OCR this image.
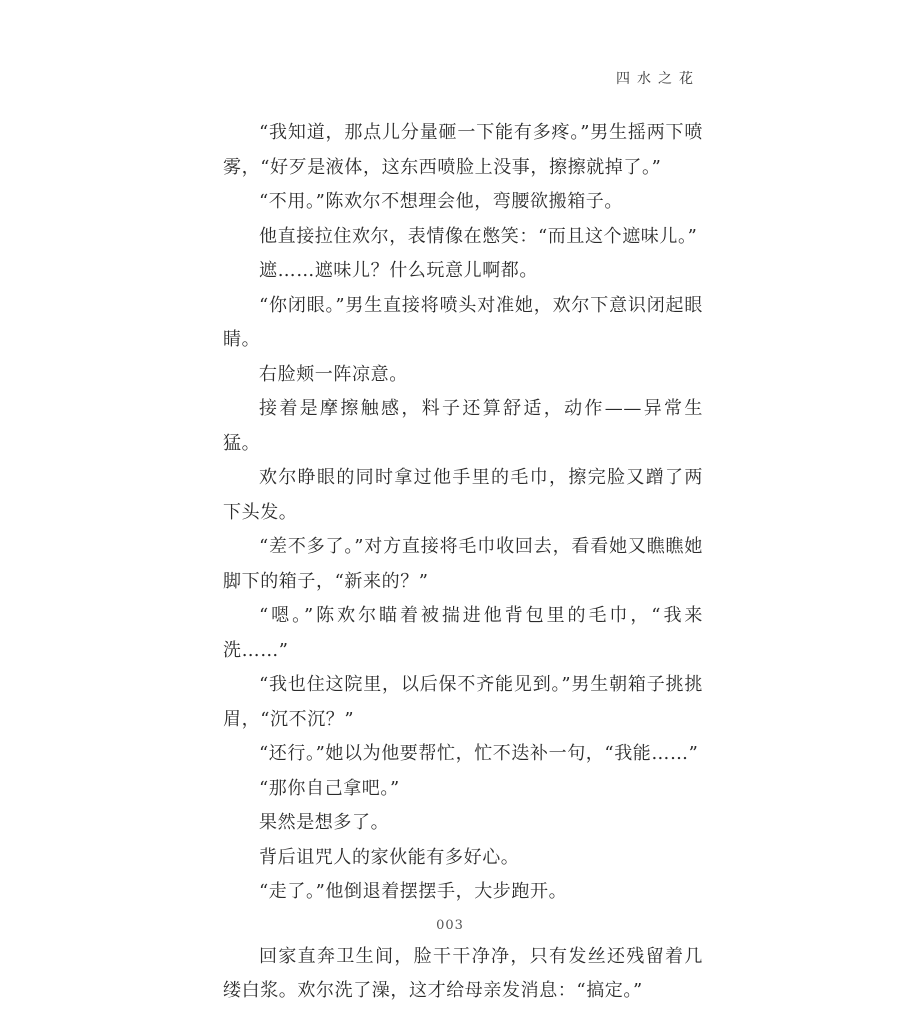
四水之花

“我知道，那点儿分量砸一下能有多疼。”男生摇两下喷雾，“好歹是液体，这东西喷脸上没事，擦擦就掉了。”

“不用。”陈欢尔不想理会他，弯腰欲搬箱子。

他直接拉住欢尔，表情像在憋笑：“而且这个遮味儿。”

遮……遮味儿？什么玩意儿啊都。

“你闭眼。”男生直接将喷头对准她，欢尔下意识闭起眼睛。

右脸颊一阵凉意。

接着是摩擦触感，料子还算舒适，动作——异常生猛。

欢尔睁眼的同时拿过他手里的毛巾，擦完脸又蹭了两下头发。

“差不多了。”对方直接将毛巾收回去，看看她又瞧瞧她脚下的箱子，“新来的？”

“嗯。”陈欢尔瞄着被揣进他背包里的毛巾，“我来洗……”

“我也住这院里，以后保不齐能见到。”男生朝箱子挑挑眉，“沉不沉？”

“还行。”她以为他要帮忙，忙不迭补一句，“我能……”

“那你自己拿吧。”

果然是想多了。

背后诅咒人的家伙能有多好心。

“走了。”他倒退着摆摆手，大步跑开。

回家直奔卫生间，脸干干净净，只有发丝还残留着几缕白浆。欢尔洗了澡，这才给母亲发消息：“搞定。”

003
